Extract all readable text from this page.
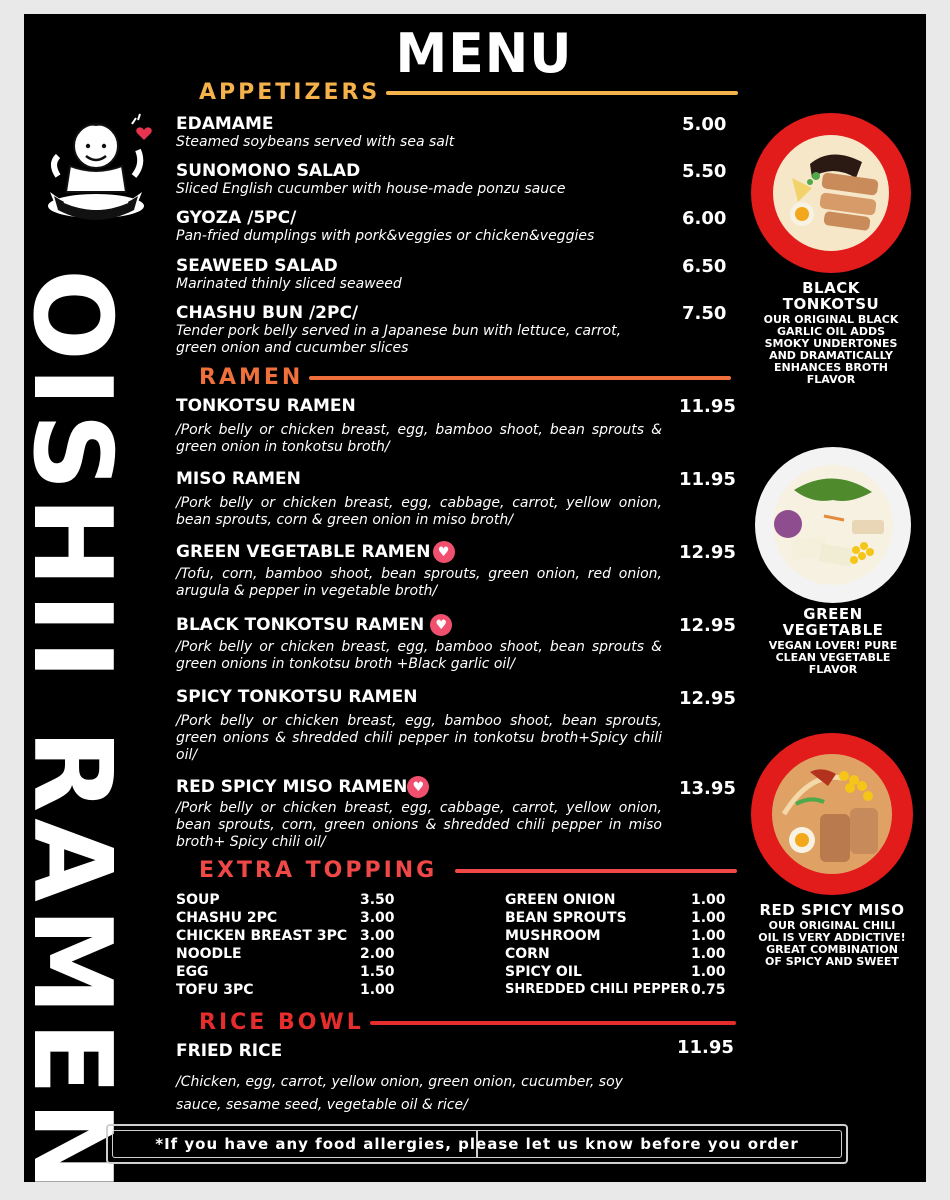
MENU
OISHII RAMEN
APPETIZERS
EDAMAME
Steamed soybeans served with sea salt
5.00
SUNOMONO SALAD
Sliced English cucumber with house-made ponzu sauce
5.50
GYOZA /5PC/
Pan-fried dumplings with pork&veggies or chicken&veggies
6.00
SEAWEED SALAD
Marinated thinly sliced seaweed
6.50
CHASHU BUN /2PC/
Tender pork belly served in a Japanese bun with lettuce, carrot, green onion and cucumber slices
7.50
RAMEN
TONKOTSU RAMEN
/Pork belly or chicken breast, egg, bamboo shoot, bean sprouts & green onion in tonkotsu broth/
11.95
MISO RAMEN
/Pork belly or chicken breast, egg, cabbage, carrot, yellow onion, bean sprouts, corn & green onion in miso broth/
11.95
GREEN VEGETABLE RAMEN ♥
/Tofu, corn, bamboo shoot, bean sprouts, green onion, red onion, arugula & pepper in vegetable broth/
12.95
BLACK TONKOTSU RAMEN ♥
/Pork belly or chicken breast, egg, bamboo shoot, bean sprouts & green onions in tonkotsu broth +Black garlic oil/
12.95
SPICY TONKOTSU RAMEN
/Pork belly or chicken breast, egg, bamboo shoot, bean sprouts, green onions & shredded chili pepper in tonkotsu broth+Spicy chili oil/
12.95
RED SPICY MISO RAMEN ♥
/Pork belly or chicken breast, egg, cabbage, carrot, yellow onion, bean sprouts, corn, green onions & shredded chili pepper in miso broth+ Spicy chili oil/
13.95
EXTRA TOPPING
SOUP	3.50
CHASHU 2PC	3.00
CHICKEN BREAST 3PC 3.00
NOODLE	2.00
EGG	1.50
TOFU 3PC	1.00
GREEN ONION	1.00
BEAN SPROUTS	1.00
MUSHROOM	1.00
CORN	1.00
SPICY OIL	1.00
SHREDDED CHILI PEPPER 0.75
RICE BOWL
FRIED RICE
/Chicken, egg, carrot, yellow onion, green onion, cucumber, soy sauce, sesame seed, vegetable oil & rice/
11.95
BLACK TONKOTSU
OUR ORIGINAL BLACK GARLIC OIL ADDS SMOKY UNDERTONES AND DRAMATICALLY ENHANCES BROTH FLAVOR
GREEN VEGETABLE
VEGAN LOVER! PURE CLEAN VEGETABLE FLAVOR
RED SPICY MISO
OUR ORIGINAL CHILI OIL IS VERY ADDICTIVE! GREAT COMBINATION OF SPICY AND SWEET
*If you have any food allergies, please let us know before you order
